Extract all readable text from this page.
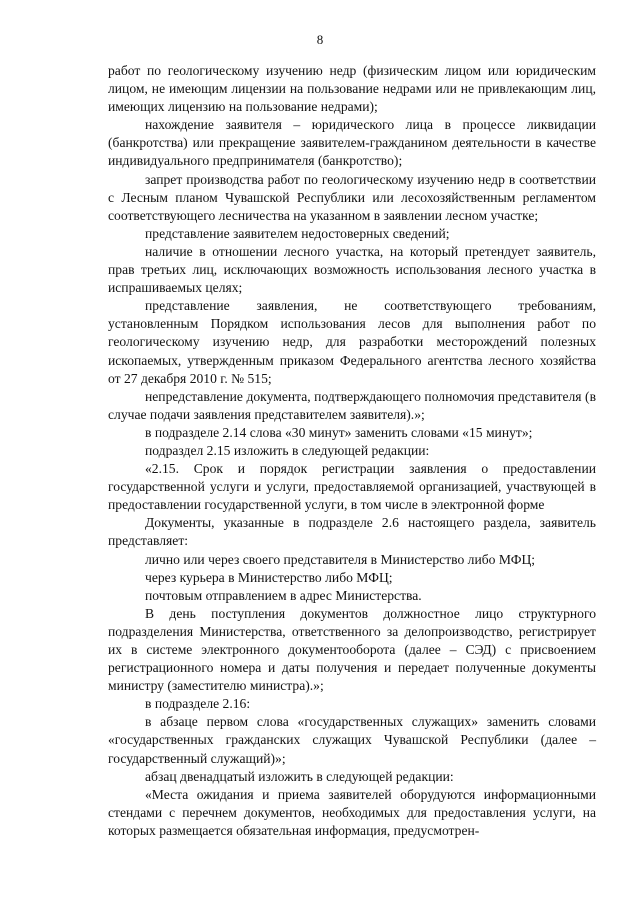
8

работ по геологическому изучению недр (физическим лицом или юридическим лицом, не имеющим лицензии на пользование недрами или не привлекающим лиц, имеющих лицензию на пользование недрами);

нахождение заявителя – юридического лица в процессе ликвидации (банкротства) или прекращение заявителем-гражданином деятельности в качестве индивидуального предпринимателя (банкротство);

запрет производства работ по геологическому изучению недр в соответствии с Лесным планом Чувашской Республики или лесохозяйственным регламентом соответствующего лесничества на указанном в заявлении лесном участке;

представление заявителем недостоверных сведений;

наличие в отношении лесного участка, на который претендует заявитель, прав третьих лиц, исключающих возможность использования лесного участка в испрашиваемых целях;

представление заявления, не соответствующего требованиям, установленным Порядком использования лесов для выполнения работ по геологическому изучению недр, для разработки месторождений полезных ископаемых, утвержденным приказом Федерального агентства лесного хозяйства от 27 декабря 2010 г. № 515;

непредставление документа, подтверждающего полномочия представителя (в случае подачи заявления представителем заявителя).»;

в подразделе 2.14 слова «30 минут» заменить словами «15 минут»;

подраздел 2.15 изложить в следующей редакции:

«2.15. Срок и порядок регистрации заявления о предоставлении государственной услуги и услуги, предоставляемой организацией, участвующей в предоставлении государственной услуги, в том числе в электронной форме

Документы, указанные в подразделе 2.6 настоящего раздела, заявитель представляет:

лично или через своего представителя в Министерство либо МФЦ;

через курьера в Министерство либо МФЦ;

почтовым отправлением в адрес Министерства.

В день поступления документов должностное лицо структурного подразделения Министерства, ответственного за делопроизводство, регистрирует их в системе электронного документооборота (далее – СЭД) с присвоением регистрационного номера и даты получения и передает полученные документы министру (заместителю министра).»;

в подразделе 2.16:

в абзаце первом слова «государственных служащих» заменить словами «государственных гражданских служащих Чувашской Республики (далее – государственный служащий)»;

абзац двенадцатый изложить в следующей редакции:

«Места ожидания и приема заявителей оборудуются информационными стендами с перечнем документов, необходимых для предоставления услуги, на которых размещается обязательная информация, предусмотрен-
